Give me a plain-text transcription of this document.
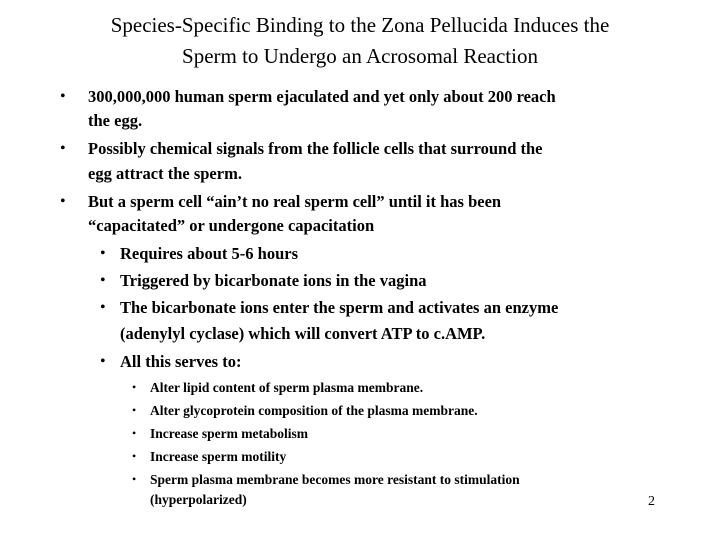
Species-Specific Binding to the Zona Pellucida Induces the
Sperm to Undergo an Acrosomal Reaction
• 300,000,000 human sperm ejaculated and yet only about 200 reach
the egg.
• Possibly chemical signals from the follicle cells that surround the
egg attract the sperm.
• But a sperm cell “ain’t no real sperm cell” until it has been
“capacitated” or undergone capacitation
• Requires about 5-6 hours
• Triggered by bicarbonate ions in the vagina
• The bicarbonate ions enter the sperm and activates an enzyme
(adenylyl cyclase) which will convert ATP to c.AMP.
• All this serves to:
• Alter lipid content of sperm plasma membrane.
• Alter glycoprotein composition of the plasma membrane.
• Increase sperm metabolism
• Increase sperm motility
• Sperm plasma membrane becomes more resistant to stimulation
(hyperpolarized)	2
